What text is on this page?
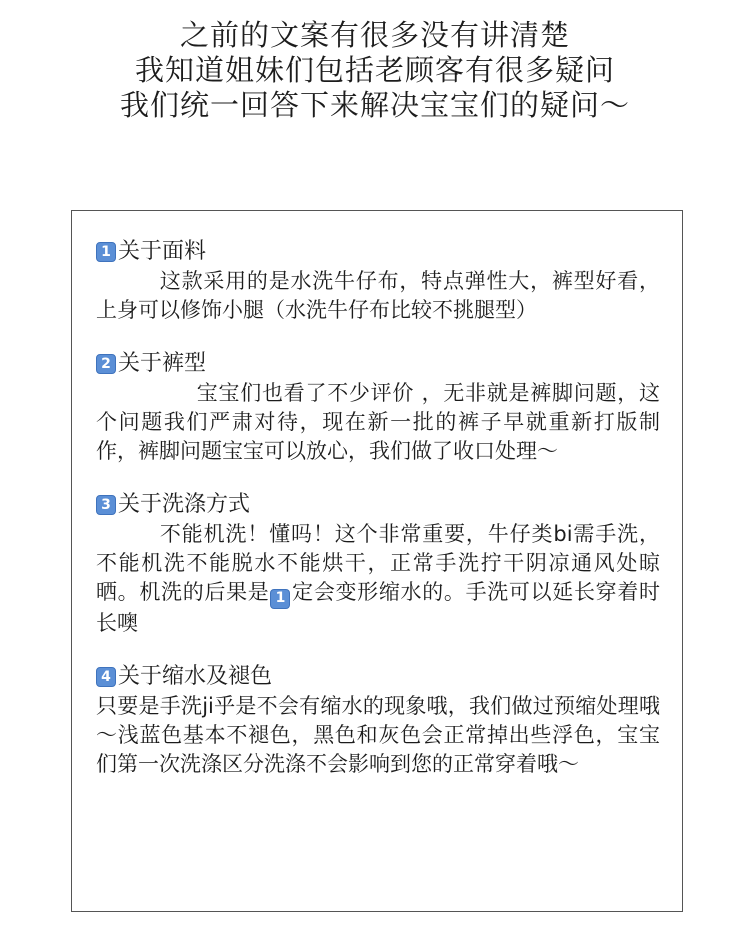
之前的文案有很多没有讲清楚
我知道姐妹们包括老顾客有很多疑问
我们统一回答下来解决宝宝们的疑问～
1 关于面料
这款采用的是水洗牛仔布，特点弹性大，裤型好看，上身可以修饰小腿（水洗牛仔布比较不挑腿型）
2 关于裤型
宝宝们也看了不少评价 ，无非就是裤脚问题，这个问题我们严肃对待，现在新一批的裤子早就重新打版制作，裤脚问题宝宝可以放心，我们做了收口处理～
3 关于洗涤方式
不能机洗！懂吗！这个非常重要，牛仔类bi需手洗，不能机洗不能脱水不能烘干，正常手洗拧干阴凉通风处晾晒。机洗的后果是 1 定会变形缩水的。手洗可以延长穿着时长噢
4 关于缩水及褪色
只要是手洗ji乎是不会有缩水的现象哦，我们做过预缩处理哦～浅蓝色基本不褪色，黑色和灰色会正常掉出些浮色，宝宝们第一次洗涤区分洗涤不会影响到您的正常穿着哦～
